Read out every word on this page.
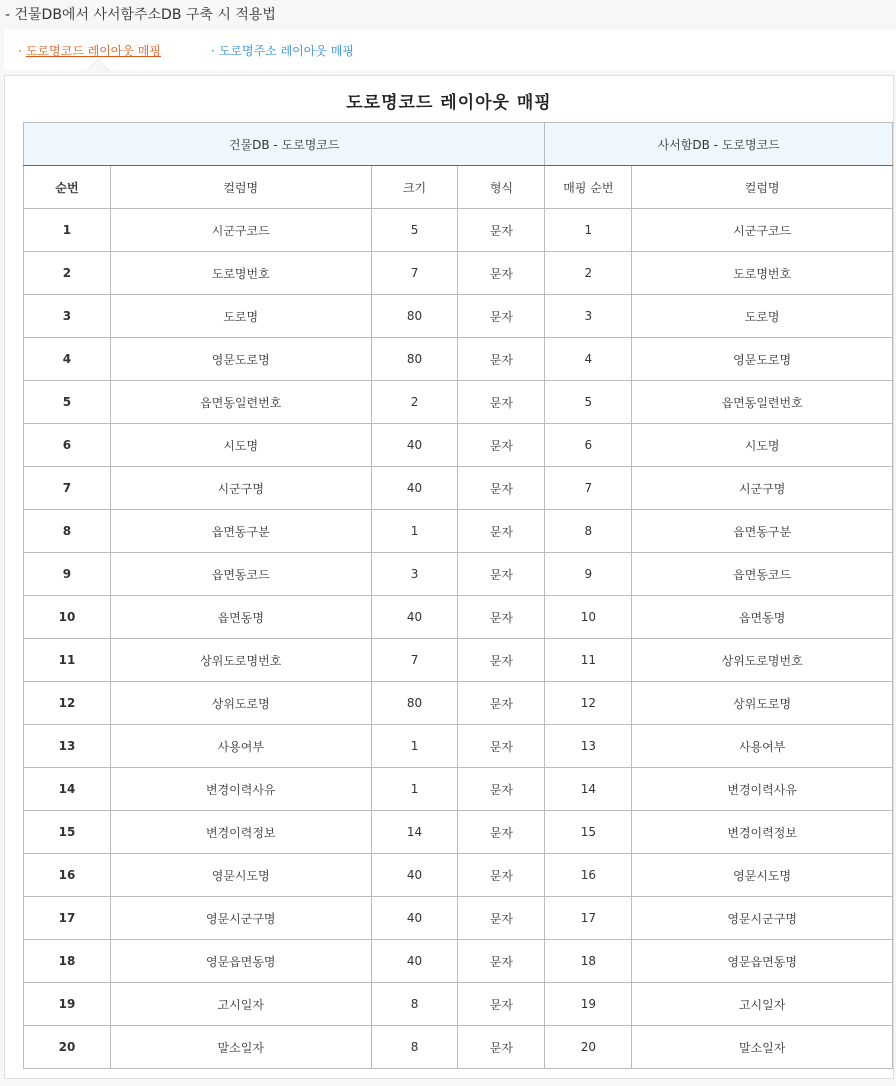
- 건물DB에서 사서함주소DB 구축 시 적용법
· 도로명코드 레이아웃 매핑	· 도로명주소 레이아웃 매핑
도로명코드 레이아웃 매핑
건물DB - 도로명코드				사서함DB - 도로명코드	
순번	컬럼명	크기	형식	매핑 순번	컬럼명
1	시군구코드	5	문자	1	시군구코드
2	도로명번호	7	문자	2	도로명번호
3	도로명	80	문자	3	도로명
4	영문도로명	80	문자	4	영문도로명
5	읍면동일련번호	2	문자	5	읍면동일련번호
6	시도명	40	문자	6	시도명
7	시군구명	40	문자	7	시군구명
8	읍면동구분	1	문자	8	읍면동구분
9	읍면동코드	3	문자	9	읍면동코드
10	읍면동명	40	문자	10	읍면동명
11	상위도로명번호	7	문자	11	상위도로명번호
12	상위도로명	80	문자	12	상위도로명
13	사용여부	1	문자	13	사용여부
14	변경이력사유	1	문자	14	변경이력사유
15	변경이력정보	14	문자	15	변경이력정보
16	영문시도명	40	문자	16	영문시도명
17	영문시군구명	40	문자	17	영문시군구명
18	영문읍면동명	40	문자	18	영문읍면동명
19	고시일자	8	문자	19	고시일자
20	말소일자	8	문자	20	말소일자
